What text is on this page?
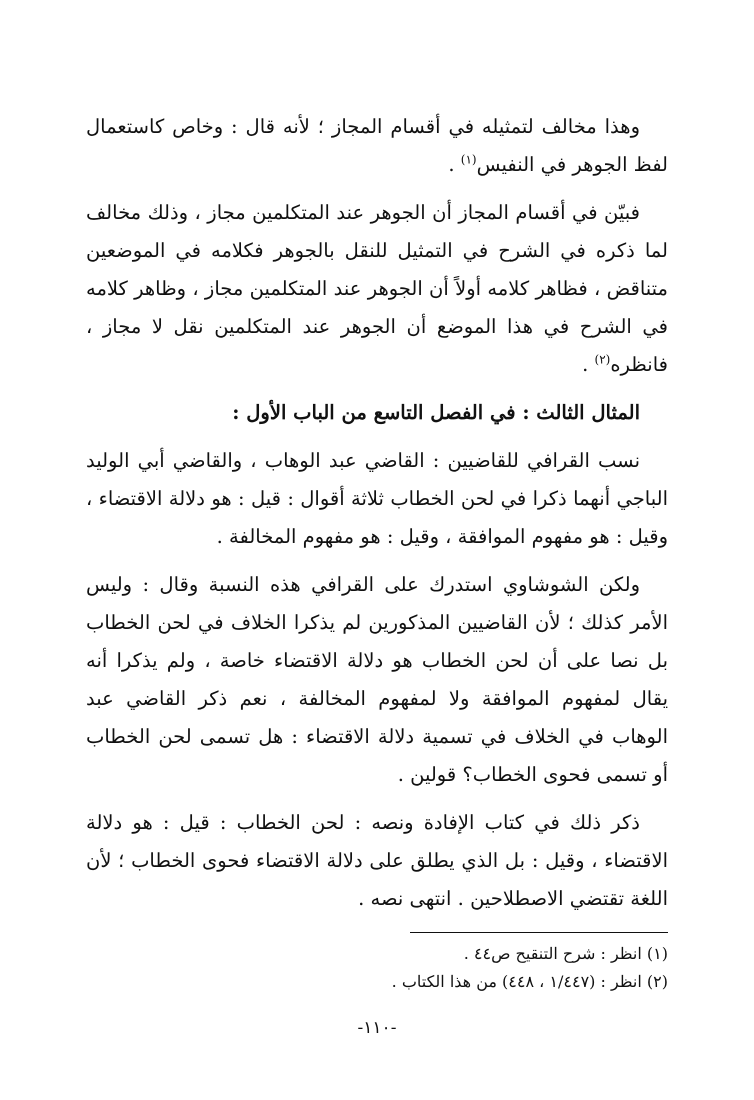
وهذا مخالف لتمثيله في أقسام المجاز ؛ لأنه قال : وخاص كاستعمال لفظ الجوهر في النفيس$^{(١)}$ .

فبيّن في أقسام المجاز أن الجوهر عند المتكلمين مجاز ، وذلك مخالف لما ذكره في الشرح في التمثيل للنقل بالجوهر فكلامه في الموضعين متناقض ، فظاهر كلامه أولاً أن الجوهر عند المتكلمين مجاز ، وظاهر كلامه في الشرح في هذا الموضع أن الجوهر عند المتكلمين نقل لا مجاز ، فانظره$^{(٢)}$ .

المثال الثالث : في الفصل التاسع من الباب الأول :

نسب القرافي للقاضيين : القاضي عبد الوهاب ، والقاضي أبي الوليد الباجي أنهما ذكرا في لحن الخطاب ثلاثة أقوال : قيل : هو دلالة الاقتضاء ، وقيل : هو مفهوم الموافقة ، وقيل : هو مفهوم المخالفة .

ولكن الشوشاوي استدرك على القرافي هذه النسبة وقال : وليس الأمر كذلك ؛ لأن القاضيين المذكورين لم يذكرا الخلاف في لحن الخطاب بل نصا على أن لحن الخطاب هو دلالة الاقتضاء خاصة ، ولم يذكرا أنه يقال لمفهوم الموافقة ولا لمفهوم المخالفة ، نعم ذكر القاضي عبد الوهاب في الخلاف في تسمية دلالة الاقتضاء : هل تسمى لحن الخطاب أو تسمى فحوى الخطاب؟ قولين .

ذكر ذلك في كتاب الإفادة ونصه : لحن الخطاب : قيل : هو دلالة الاقتضاء ، وقيل : بل الذي يطلق على دلالة الاقتضاء فحوى الخطاب ؛ لأن اللغة تقتضي الاصطلاحين . انتهى نصه .

(١) انظر : شرح التنقيح ص٤٤ .

(٢) انظر : (١/٤٤٧ ، ٤٤٨) من هذا الكتاب .

-١١٠-
